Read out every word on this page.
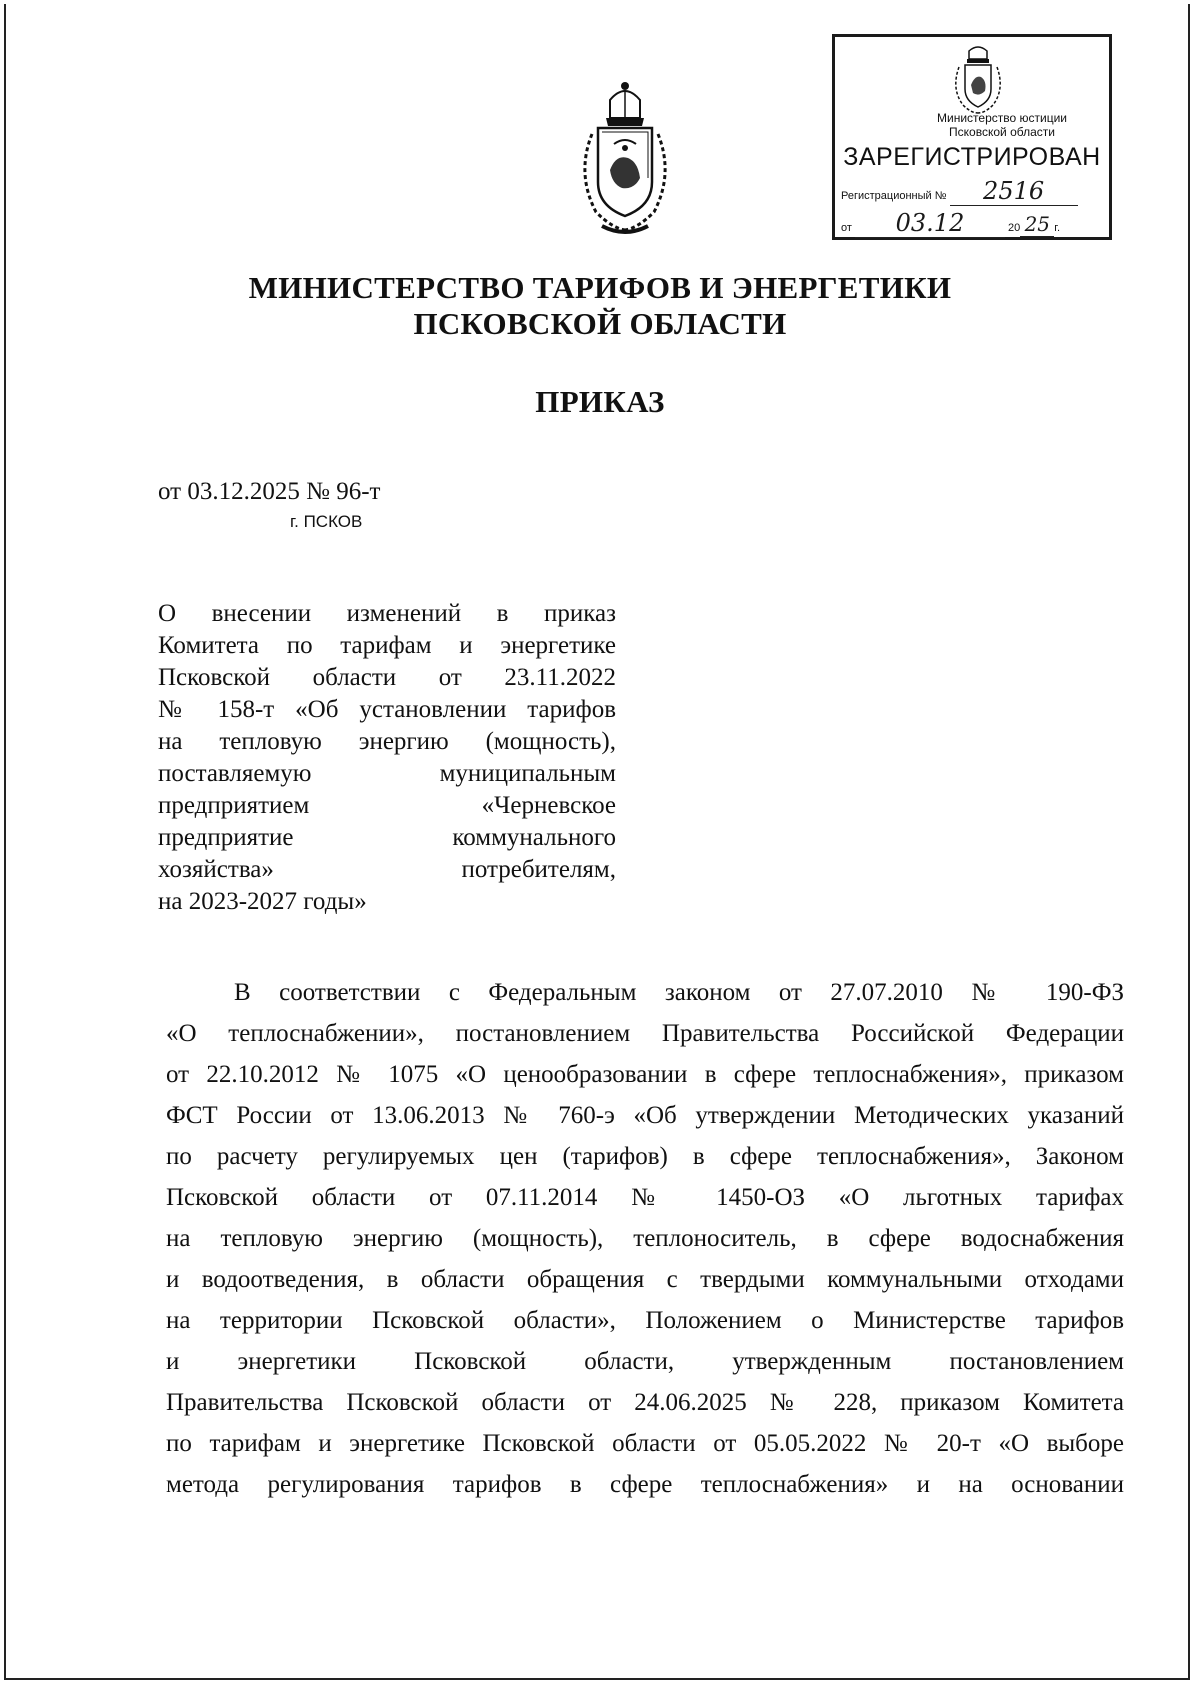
Министерство юстиции
Псковской области
ЗАРЕГИСТРИРОВАН
Регистрационный № 2516
от 03.12	20 25 г.
МИНИСТЕРСТВО ТАРИФОВ И ЭНЕРГЕТИКИ
ПСКОВСКОЙ ОБЛАСТИ
ПРИКАЗ
от 03.12.2025 № 96-т
г. ПСКОВ
О внесении изменений в приказ
Комитета по тарифам и энергетике
Псковской области от 23.11.2022
№ 158-т «Об установлении тарифов
на тепловую энергию (мощность),
поставляемую муниципальным
предприятием «Черневское
предприятие коммунального
хозяйства» потребителям,
на 2023-2027 годы»
В соответствии с Федеральным законом от 27.07.2010 № 190-ФЗ
«О теплоснабжении», постановлением Правительства Российской Федерации
от 22.10.2012 № 1075 «О ценообразовании в сфере теплоснабжения», приказом
ФСТ России от 13.06.2013 № 760-э «Об утверждении Методических указаний
по расчету регулируемых цен (тарифов) в сфере теплоснабжения», Законом
Псковской области от 07.11.2014 № 1450-ОЗ «О льготных тарифах
на тепловую энергию (мощность), теплоноситель, в сфере водоснабжения
и водоотведения, в области обращения с твердыми коммунальными отходами
на территории Псковской области», Положением о Министерстве тарифов
и энергетики Псковской области, утвержденным постановлением
Правительства Псковской области от 24.06.2025 № 228, приказом Комитета
по тарифам и энергетике Псковской области от 05.05.2022 № 20-т «О выборе
метода регулирования тарифов в сфере теплоснабжения» и на основании
